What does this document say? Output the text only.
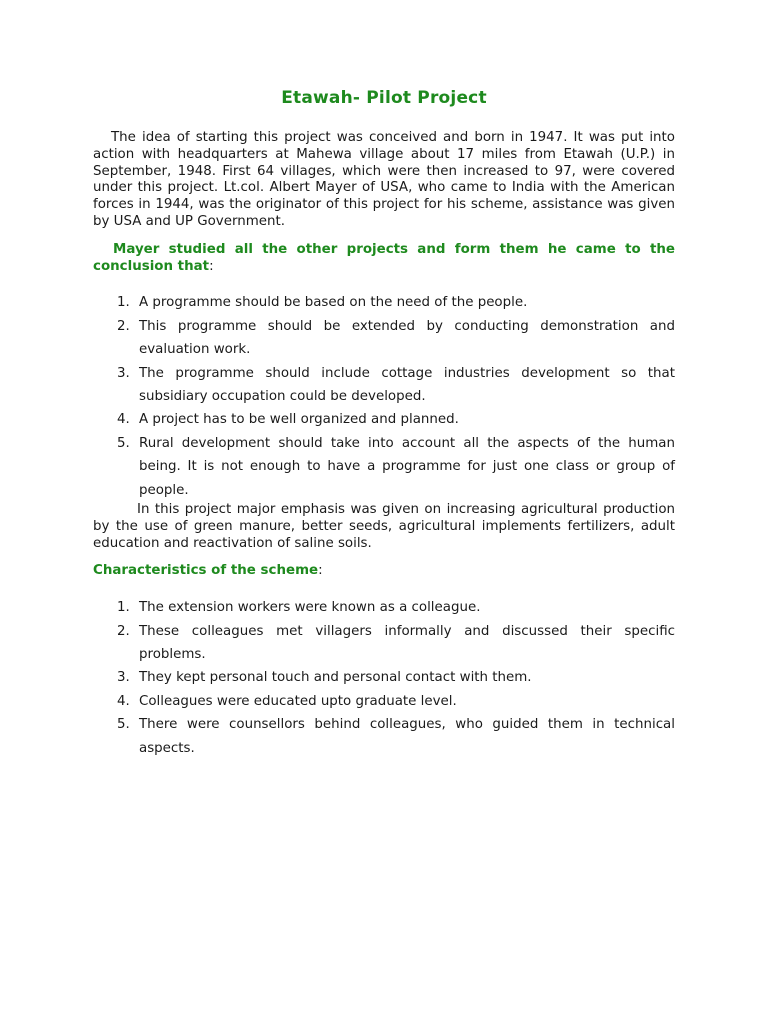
Etawah- Pilot Project

The idea of starting this project was conceived and born in 1947. It was put into action with headquarters at Mahewa village about 17 miles from Etawah (U.P.) in September, 1948. First 64 villages, which were then increased to 97, were covered under this project. Lt.col. Albert Mayer of USA, who came to India with the American forces in 1944, was the originator of this project for his scheme, assistance was given by USA and UP Government.

Mayer studied all the other projects and form them he came to the conclusion that:

1. A programme should be based on the need of the people.
2. This programme should be extended by conducting demonstration and evaluation work.
3. The programme should include cottage industries development so that subsidiary occupation could be developed.
4. A project has to be well organized and planned.
5. Rural development should take into account all the aspects of the human being. It is not enough to have a programme for just one class or group of people.

In this project major emphasis was given on increasing agricultural production by the use of green manure, better seeds, agricultural implements fertilizers, adult education and reactivation of saline soils.

Characteristics of the scheme:

1. The extension workers were known as a colleague.
2. These colleagues met villagers informally and discussed their specific problems.
3. They kept personal touch and personal contact with them.
4. Colleagues were educated upto graduate level.
5. There were counsellors behind colleagues, who guided them in technical aspects.
